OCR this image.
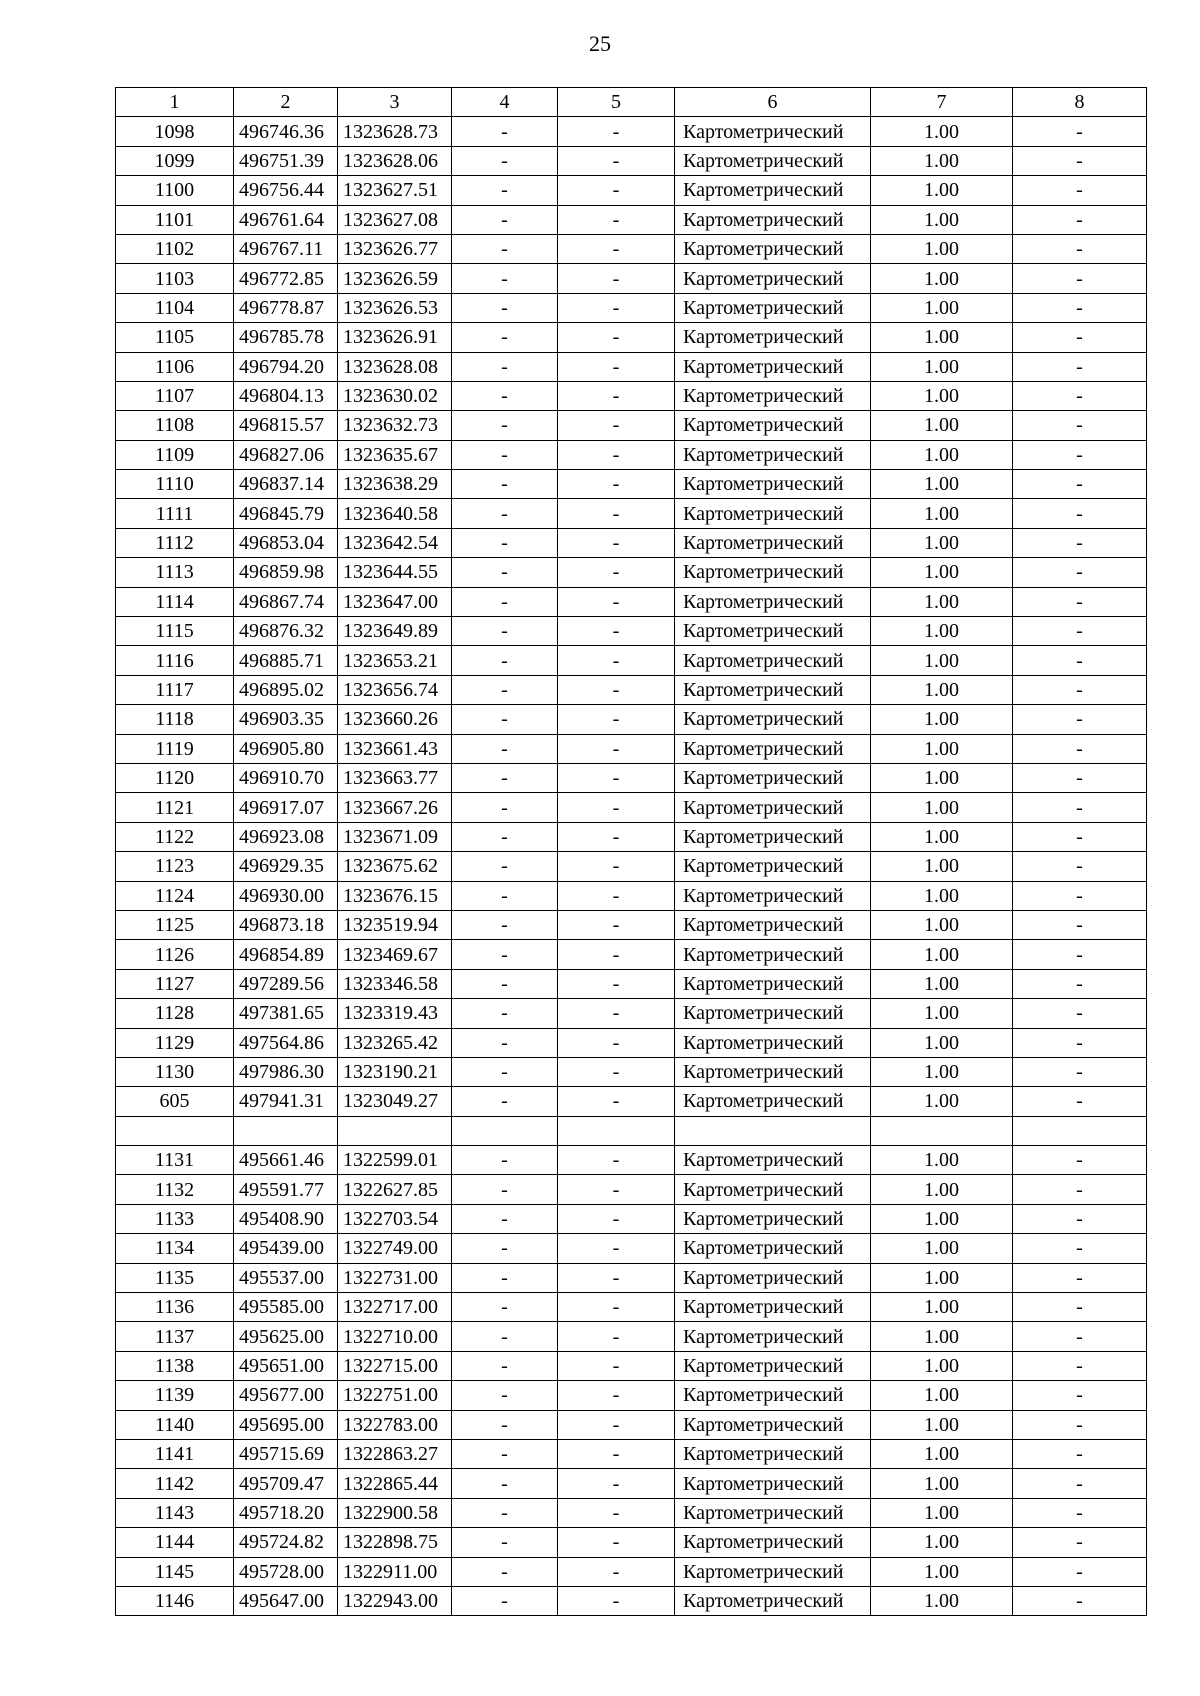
25
1	2	3	4	5	6	7	8
1098	496746.36	1323628.73	-	-	Картометрический	1.00	-
1099	496751.39	1323628.06	-	-	Картометрический	1.00	-
1100	496756.44	1323627.51	-	-	Картометрический	1.00	-
1101	496761.64	1323627.08	-	-	Картометрический	1.00	-
1102	496767.11	1323626.77	-	-	Картометрический	1.00	-
1103	496772.85	1323626.59	-	-	Картометрический	1.00	-
1104	496778.87	1323626.53	-	-	Картометрический	1.00	-
1105	496785.78	1323626.91	-	-	Картометрический	1.00	-
1106	496794.20	1323628.08	-	-	Картометрический	1.00	-
1107	496804.13	1323630.02	-	-	Картометрический	1.00	-
1108	496815.57	1323632.73	-	-	Картометрический	1.00	-
1109	496827.06	1323635.67	-	-	Картометрический	1.00	-
1110	496837.14	1323638.29	-	-	Картометрический	1.00	-
1111	496845.79	1323640.58	-	-	Картометрический	1.00	-
1112	496853.04	1323642.54	-	-	Картометрический	1.00	-
1113	496859.98	1323644.55	-	-	Картометрический	1.00	-
1114	496867.74	1323647.00	-	-	Картометрический	1.00	-
1115	496876.32	1323649.89	-	-	Картометрический	1.00	-
1116	496885.71	1323653.21	-	-	Картометрический	1.00	-
1117	496895.02	1323656.74	-	-	Картометрический	1.00	-
1118	496903.35	1323660.26	-	-	Картометрический	1.00	-
1119	496905.80	1323661.43	-	-	Картометрический	1.00	-
1120	496910.70	1323663.77	-	-	Картометрический	1.00	-
1121	496917.07	1323667.26	-	-	Картометрический	1.00	-
1122	496923.08	1323671.09	-	-	Картометрический	1.00	-
1123	496929.35	1323675.62	-	-	Картометрический	1.00	-
1124	496930.00	1323676.15	-	-	Картометрический	1.00	-
1125	496873.18	1323519.94	-	-	Картометрический	1.00	-
1126	496854.89	1323469.67	-	-	Картометрический	1.00	-
1127	497289.56	1323346.58	-	-	Картометрический	1.00	-
1128	497381.65	1323319.43	-	-	Картометрический	1.00	-
1129	497564.86	1323265.42	-	-	Картометрический	1.00	-
1130	497986.30	1323190.21	-	-	Картометрический	1.00	-
605	497941.31	1323049.27	-	-	Картометрический	1.00	-

1131	495661.46	1322599.01	-	-	Картометрический	1.00	-
1132	495591.77	1322627.85	-	-	Картометрический	1.00	-
1133	495408.90	1322703.54	-	-	Картометрический	1.00	-
1134	495439.00	1322749.00	-	-	Картометрический	1.00	-
1135	495537.00	1322731.00	-	-	Картометрический	1.00	-
1136	495585.00	1322717.00	-	-	Картометрический	1.00	-
1137	495625.00	1322710.00	-	-	Картометрический	1.00	-
1138	495651.00	1322715.00	-	-	Картометрический	1.00	-
1139	495677.00	1322751.00	-	-	Картометрический	1.00	-
1140	495695.00	1322783.00	-	-	Картометрический	1.00	-
1141	495715.69	1322863.27	-	-	Картометрический	1.00	-
1142	495709.47	1322865.44	-	-	Картометрический	1.00	-
1143	495718.20	1322900.58	-	-	Картометрический	1.00	-
1144	495724.82	1322898.75	-	-	Картометрический	1.00	-
1145	495728.00	1322911.00	-	-	Картометрический	1.00	-
1146	495647.00	1322943.00	-	-	Картометрический	1.00	-
